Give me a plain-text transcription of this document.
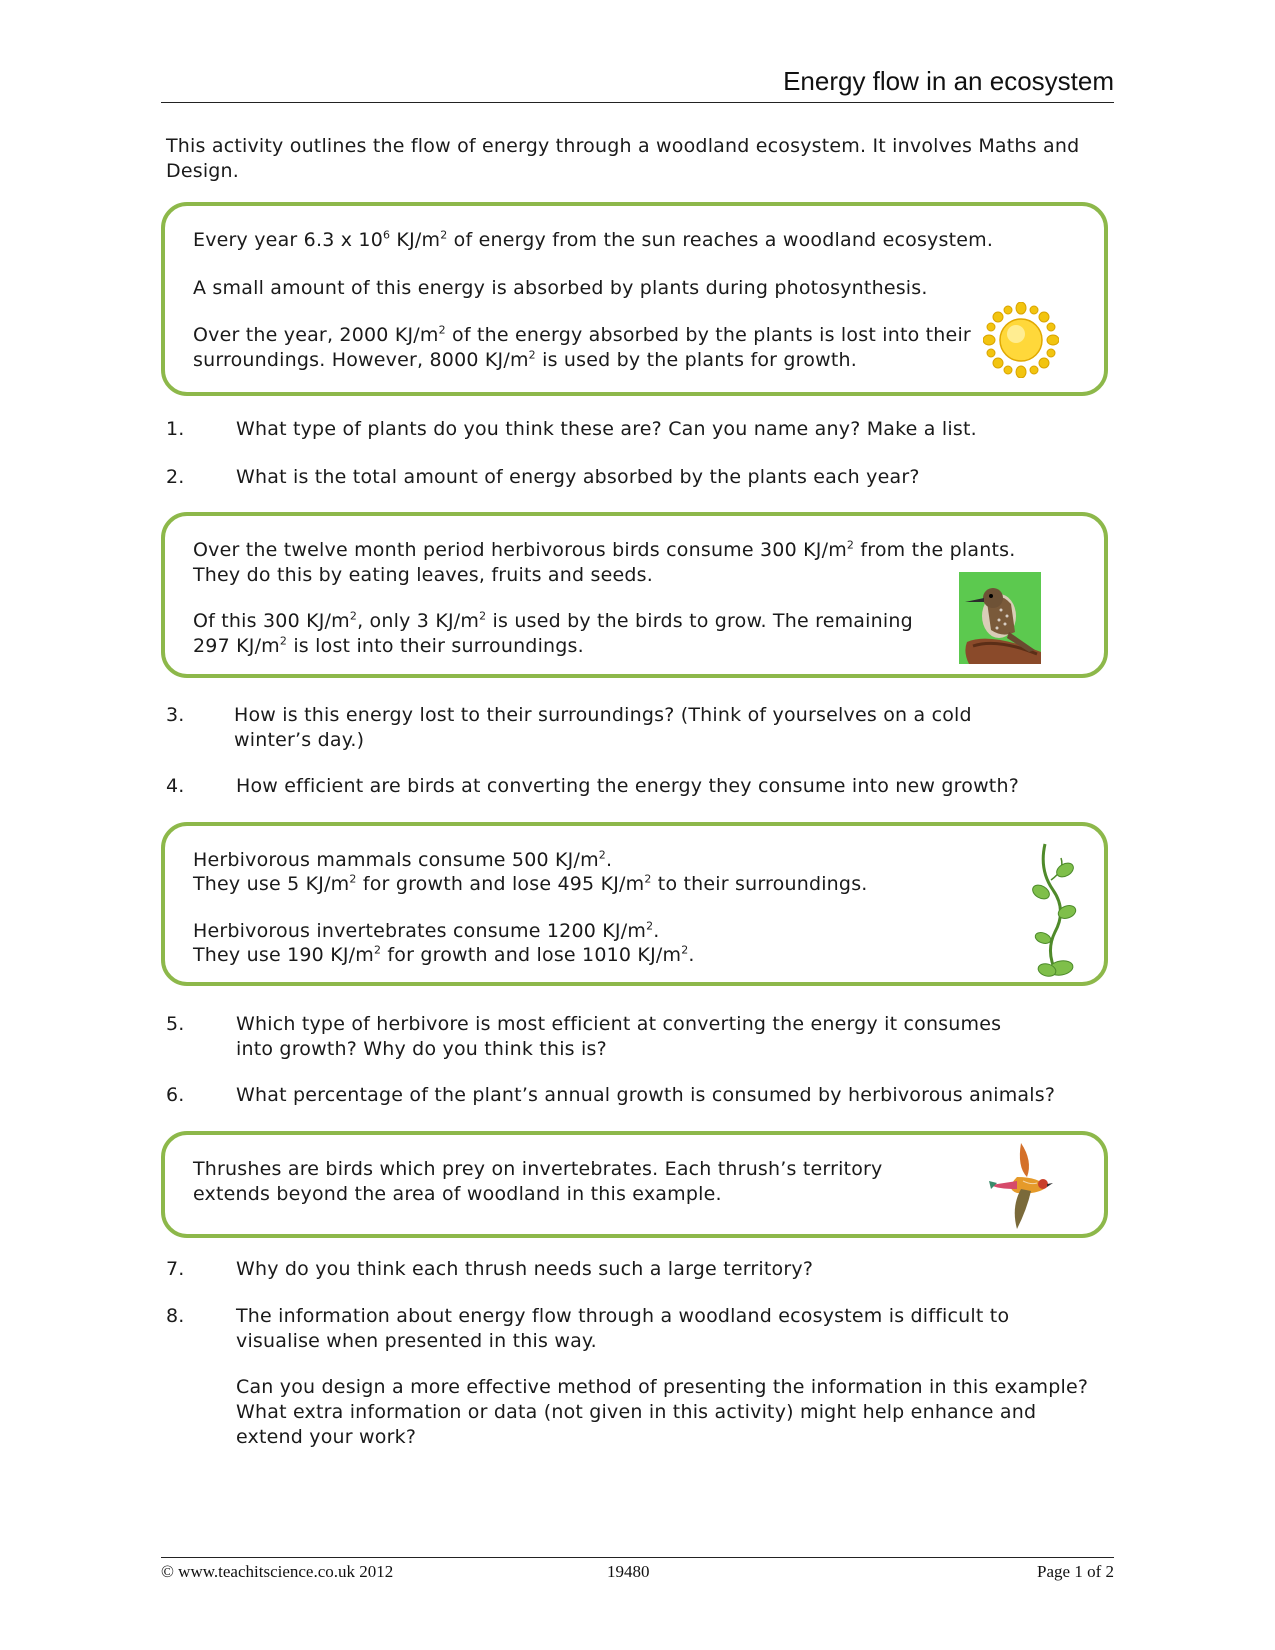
Energy flow in an ecosystem
This activity outlines the flow of energy through a woodland ecosystem. It involves Maths and Design.

Every year 6.3 x $10^6$ $KJ/m^2$ of energy from the sun reaches a woodland ecosystem.

A small amount of this energy is absorbed by plants during photosynthesis.

Over the year, 2000 $KJ/m^2$ of the energy absorbed by the plants is lost into their surroundings. However, 8000 $KJ/m^2$ is used by the plants for growth.

1.	What type of plants do you think these are? Can you name any? Make a list.
2.	What is the total amount of energy absorbed by the plants each year?

Over the twelve month period herbivorous birds consume 300 $KJ/m^2$ from the plants. They do this by eating leaves, fruits and seeds.

Of this 300 $KJ/m^2$, only 3 $KJ/m^2$ is used by the birds to grow. The remaining 297 $KJ/m^2$ is lost into their surroundings.

3.	How is this energy lost to their surroundings? (Think of yourselves on a cold winter’s day.)
4.	How efficient are birds at converting the energy they consume into new growth?

Herbivorous mammals consume 500 $KJ/m^2$.

They use 5 $KJ/m^2$ for growth and lose 495 $KJ/m^2$ to their surroundings.

Herbivorous invertebrates consume 1200 $KJ/m^2$.

They use 190 $KJ/m^2$ for growth and lose 1010 $KJ/m^2$.

5.	Which type of herbivore is most efficient at converting the energy it consumes into growth? Why do you think this is?
6.	What percentage of the plant’s annual growth is consumed by herbivorous animals?

Thrushes are birds which prey on invertebrates. Each thrush’s territory extends beyond the area of woodland in this example.

7.	Why do you think each thrush needs such a large territory?
8.	The information about energy flow through a woodland ecosystem is difficult to visualise when presented in this way.
Can you design a more effective method of presenting the information in this example? What extra information or data (not given in this activity) might help enhance and extend your work?
© www.teachitscience.co.uk 2012	19480	Page 1 of 2
